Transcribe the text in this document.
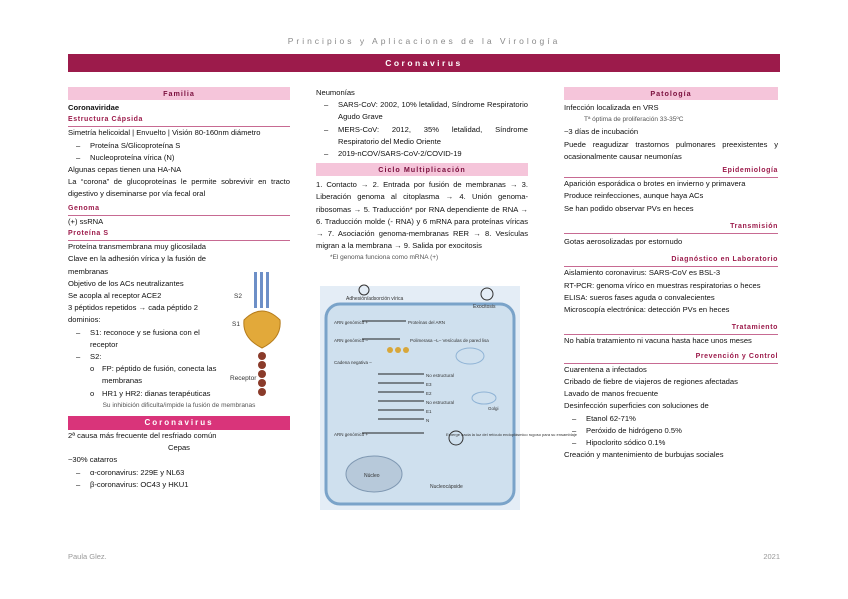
Principios y Aplicaciones de la Virología
Coronavirus
Familia
Coronaviridae
Estructura Cápsida
Simetría helicoidal | Envuelto | Visión 80-160nm diámetro
– Proteína S/Glicoproteína S
– Nucleoproteína vírica (N)
Algunas cepas tienen una HA-NA
La “corona” de glucoproteínas le permite sobrevivir en tracto digestivo y diseminarse por vía fecal oral
Genoma
(+) ssRNA
Proteína S
Proteína transmembrana muy glicosilada
Clave en la adhesión vírica y la fusión de membranas
Objetivo de los ACs neutralizantes
Se acopla al receptor ACE2
3 péptidos repetidos → cada péptido 2 dominios:
– S1: reconoce y se fusiona con el receptor
– S2:
o FP: péptido de fusión, conecta las membranas
o HR1 y HR2: dianas terapéuticas
Su inhibición dificulta/impide la fusión de membranas
Coronavirus
2ª causa más frecuente del resfriado común
Cepas
~30% catarros
– α-coronavirus: 229E y NL63
– β-coronavirus: OC43 y HKU1
S2
S1
Receptor
Neumonías
– SARS-CoV: 2002, 10% letalidad, Síndrome Respiratorio Agudo Grave
– MERS-CoV: 2012, 35% letalidad, Síndrome Respiratorio del Medio Oriente
– 2019-nCOV/SARS-CoV-2/COVID-19
Ciclo Multiplicación
1. Contacto → 2. Entrada por fusión de membranas → 3. Liberación genoma al citoplasma → 4. Unión genoma-ribosomas → 5. Traducción* por RNA dependiente de RNA → 6. Traducción molde (- RNA) y 6 mRNA para proteínas víricas → 7. Asociación genoma-membranas RER → 8. Vesículas migran a la membrana → 9. Salida por exocitosis
*El genoma funciona como mRNA (+)
Adhesión/adsorción vírica
Exocitosis
ARN genómico +	Proteínas del ARN
ARN genómico –	Polimerasa –L– Vesículas de pared lisa
Cadena negativa –
No estructural
E3
E2
No estructural
E1
N
ARN genómico +
Golgi
Emerge hacia la luz del retículo endoplásmico rugoso para su ensamblaje
Núcleo
Nucleocápside
Patología
Infección localizada en VRS
Tª óptima de proliferación 33-35ºC
~3 días de incubación
Puede reagudizar trastornos pulmonares preexistentes y ocasionalmente causar neumonías
Epidemiología
Aparición esporádica o brotes en invierno y primavera
Produce reinfecciones, aunque haya ACs
Se han podido observar PVs en heces
Transmisión
Gotas aerosolizadas por estornudo
Diagnóstico en Laboratorio
Aislamiento coronavirus: SARS-CoV es BSL-3
RT-PCR: genoma vírico en muestras respiratorias o heces
ELISA: sueros fases aguda o convalecientes
Microscopía electrónica: detección PVs en heces
Tratamiento
No había tratamiento ni vacuna hasta hace unos meses
Prevención y Control
Cuarentena a infectados
Cribado de fiebre de viajeros de regiones afectadas
Lavado de manos frecuente
Desinfección superficies con soluciones de
– Etanol 62-71%
– Peróxido de hidrógeno 0.5%
– Hipoclorito sódico 0.1%
Creación y mantenimiento de burbujas sociales
Paula Glez.	2021
